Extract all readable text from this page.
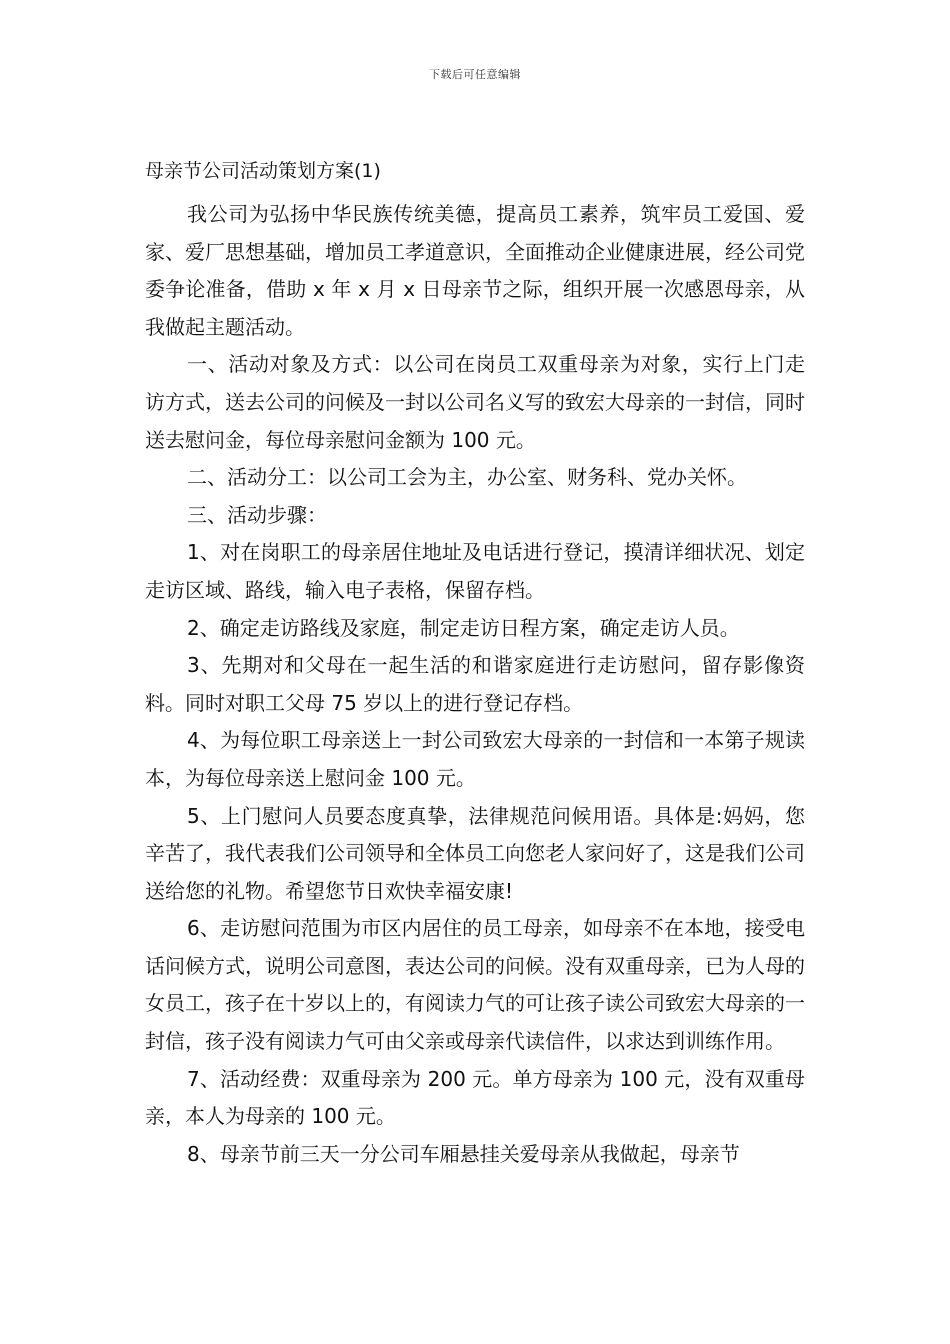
下载后可任意编辑
母亲节公司活动策划方案(1)

我公司为弘扬中华民族传统美德，提高员工素养，筑牢员工爱国、爱家、爱厂思想基础，增加员工孝道意识，全面推动企业健康进展，经公司党委争论准备，借助 x 年 x 月 x 日母亲节之际，组织开展一次感恩母亲，从我做起主题活动。

一、活动对象及方式：以公司在岗员工双重母亲为对象，实行上门走访方式，送去公司的问候及一封以公司名义写的致宏大母亲的一封信，同时送去慰问金，每位母亲慰问金额为 100 元。

二、活动分工：以公司工会为主，办公室、财务科、党办关怀。

三、活动步骤：

1、对在岗职工的母亲居住地址及电话进行登记，摸清详细状况、划定走访区域、路线，输入电子表格，保留存档。

2、确定走访路线及家庭，制定走访日程方案，确定走访人员。

3、先期对和父母在一起生活的和谐家庭进行走访慰问，留存影像资料。同时对职工父母 75 岁以上的进行登记存档。

4、为每位职工母亲送上一封公司致宏大母亲的一封信和一本第子规读本，为每位母亲送上慰问金 100 元。

5、上门慰问人员要态度真挚，法律规范问候用语。具体是:妈妈，您辛苦了，我代表我们公司领导和全体员工向您老人家问好了，这是我们公司送给您的礼物。希望您节日欢快幸福安康!

6、走访慰问范围为市区内居住的员工母亲，如母亲不在本地，接受电话问候方式，说明公司意图，表达公司的问候。没有双重母亲，已为人母的女员工，孩子在十岁以上的，有阅读力气的可让孩子读公司致宏大母亲的一封信，孩子没有阅读力气可由父亲或母亲代读信件，以求达到训练作用。

7、活动经费：双重母亲为 200 元。单方母亲为 100 元，没有双重母亲，本人为母亲的 100 元。

8、母亲节前三天一分公司车厢悬挂关爱母亲从我做起，母亲节
